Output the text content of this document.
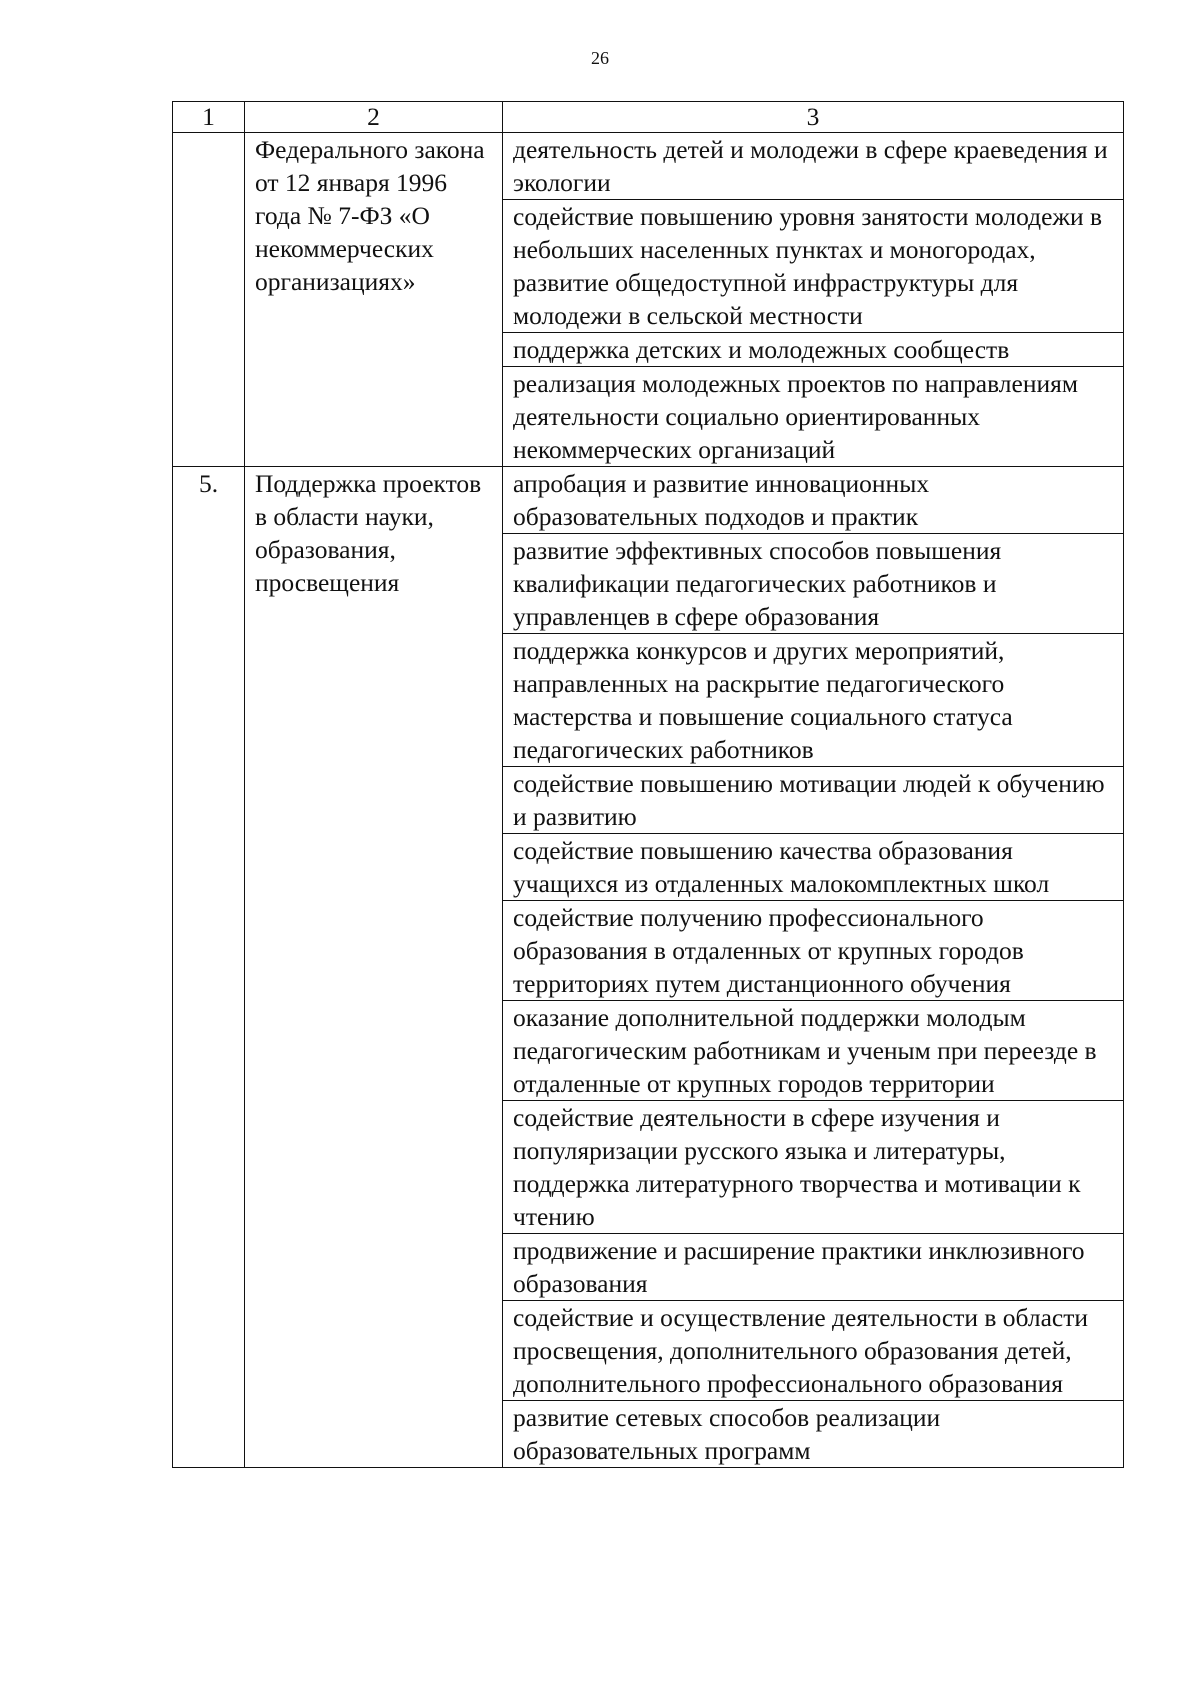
26
1	2	3
	Федерального закона от 12 января 1996 года № 7-ФЗ «О некоммерческих организациях»	деятельность детей и молодежи в сфере краеведения и экологии
		содействие повышению уровня занятости молодежи в небольших населенных пунктах и моногородах, развитие общедоступной инфраструктуры для молодежи в сельской местности
		поддержка детских и молодежных сообществ
		реализация молодежных проектов по направлениям деятельности социально ориентированных некоммерческих организаций
5.	Поддержка проектов в области науки, образования, просвещения	апробация и развитие инновационных образовательных подходов и практик
		развитие эффективных способов повышения квалификации педагогических работников и управленцев в сфере образования
		поддержка конкурсов и других мероприятий, направленных на раскрытие педагогического мастерства и повышение социального статуса педагогических работников
		содействие повышению мотивации людей к обучению и развитию
		содействие повышению качества образования учащихся из отдаленных малокомплектных школ
		содействие получению профессионального образования в отдаленных от крупных городов территориях путем дистанционного обучения
		оказание дополнительной поддержки молодым педагогическим работникам и ученым при переезде в отдаленные от крупных городов территории
		содействие деятельности в сфере изучения и популяризации русского языка и литературы, поддержка литературного творчества и мотивации к чтению
		продвижение и расширение практики инклюзивного образования
		содействие и осуществление деятельности в области просвещения, дополнительного образования детей, дополнительного профессионального образования
		развитие сетевых способов реализации образовательных программ
